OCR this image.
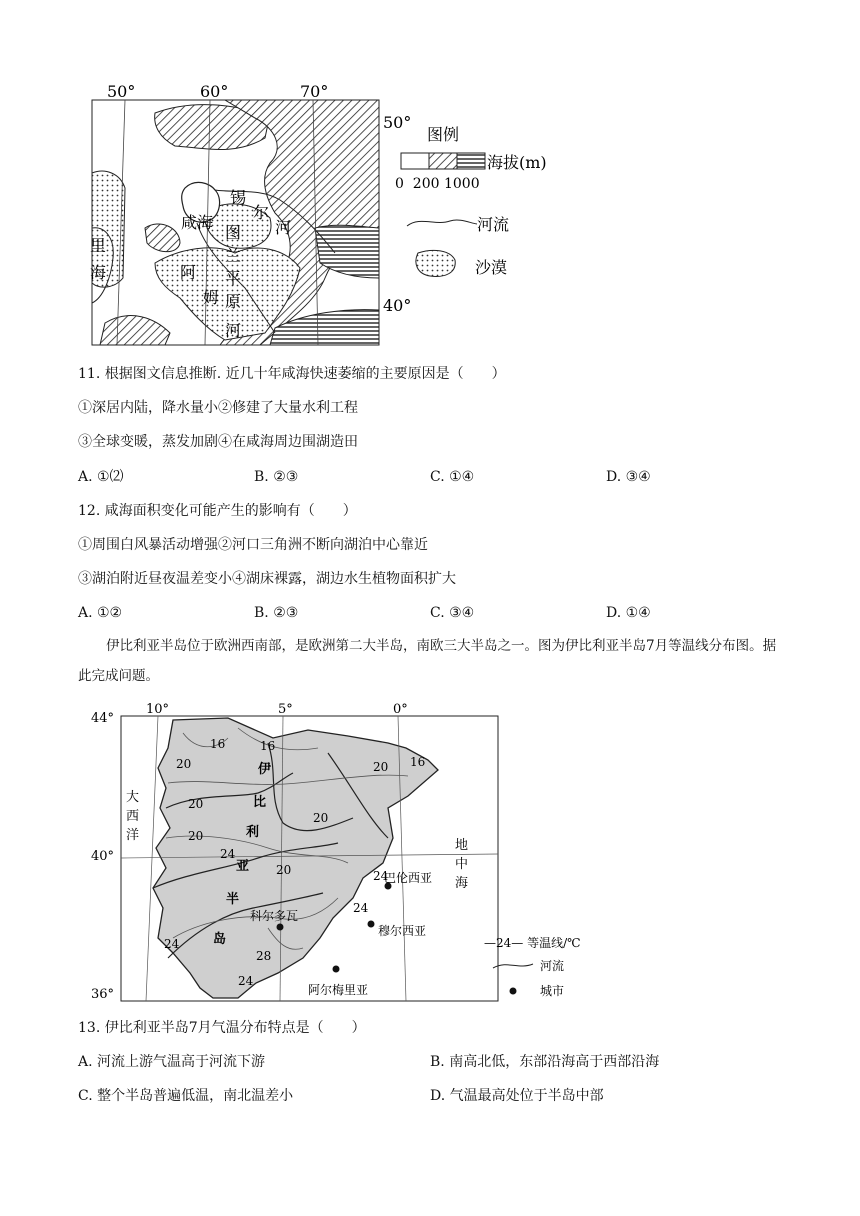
50°	60°	70°
50°
40°
咸海
锡
尔
河
里
海	阿
姆
河
图
兰
平
原
图例
海拔(m)
0  200 1000
河流
沙漠
11. 根据图文信息推断. 近几十年咸海快速萎缩的主要原因是（　　）
①深居内陆，降水量小②修建了大量水利工程
③全球变暖，蒸发加剧④在咸海周边围湖造田
A. ①⑵	B. ②③	C. ①④	D. ③④
12. 咸海面积变化可能产生的影响有（　　）
①周围白风暴活动增强②河口三角洲不断向湖泊中心靠近
③湖泊附近昼夜温差变小④湖床裸露，湖边水生植物面积扩大
A. ①②	B. ②③	C. ③④	D. ①④
伊比利亚半岛位于欧洲西南部，是欧洲第二大半岛，南欧三大半岛之一。图为伊比利亚半岛7月等温线分布图。据此完成问题。
10°	5°	0°
44°
40°
36°
大
西
洋
地
中
海
伊
比
利
亚
半
岛
16	16
20	16
20
20
20
20
24
20	24
24
24
28
24
巴伦西亚
科尔多瓦
穆尔西亚
阿尔梅里亚
—24— 等温线/℃
河流
城市
13. 伊比利亚半岛7月气温分布特点是（　　）
A. 河流上游气温高于河流下游	B. 南高北低，东部沿海高于西部沿海
C. 整个半岛普遍低温，南北温差小	D. 气温最高处位于半岛中部
